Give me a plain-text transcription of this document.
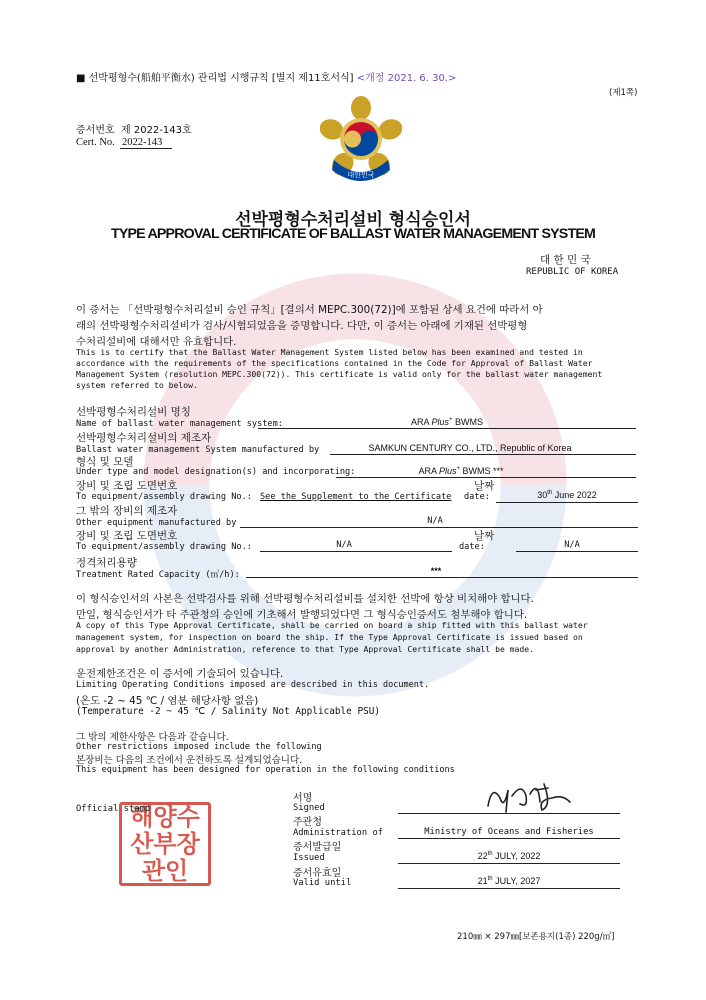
■ 선박평형수(船舶平衡水) 관리법 시행규칙 [별지 제11호서식] <개정 2021. 6. 30.>
(제1쪽)
증서번호 제 2022-143호
Cert. No. 2022-143
대한민국
선박평형수처리설비 형식승인서
TYPE APPROVAL CERTIFICATE OF BALLAST WATER MANAGEMENT SYSTEM
대 한 민 국
REPUBLIC OF KOREA
이 증서는 「선박평형수처리설비 승인 규칙」[결의서 MEPC.300(72)]에 포함된 상세 요건에 따라서 아
래의 선박평형수처리설비가 검사/시험되었음을 증명합니다. 다만, 이 증서는 아래에 기재된 선박평형
수처리설비에 대해서만 유효합니다.
This is to certify that the Ballast Water Management System listed below has been examined and tested in
accordance with the requirements of the specifications contained in the Code for Approval of Ballast Water
Management System (resolution MEPC.300(72)). This certificate is valid only for the ballast water management
system referred to below.
선박평형수처리설비 명칭
Name of ballast water management system:	ARA Plus+ BWMS
선박평형수처리설비의 제조자
Ballast water management System manufactured by	SAMKUN CENTURY CO., LTD., Republic of Korea
형식 및 모델
Under type and model designation(s) and incorporating:	ARA Plus+ BWMS ***
장비 및 조립 도면번호	날짜
To equipment/assembly drawing No.: See the Supplement to the Certificate date:	30th June 2022
그 밖의 장비의 제조자
Other equipment manufactured by	N/A
장비 및 조립 도면번호	날짜
To equipment/assembly drawing No.:	N/A	date:	N/A
정격처리용량
Treatment Rated Capacity (㎥/h):	***
이 형식승인서의 사본은 선박검사를 위해 선박평형수처리설비를 설치한 선박에 항상 비치해야 합니다.
만일, 형식승인서가 타 주관청의 승인에 기초해서 발행되었다면 그 형식승인증서도 첨부해야 합니다.
A copy of this Type Approval Certificate, shall be carried on board a ship fitted with this ballast water
management system, for inspection on board the ship. If the Type Approval Certificate is issued based on
approval by another Administration, reference to that Type Approval Certificate shall be made.
운전제한조건은 이 증서에 기술되어 있습니다.
Limiting Operating Conditions imposed are described in this document.
(온도 -2 ~ 45 ℃ / 염분 해당사항 없음)
(Temperature -2 ~ 45 ℃ / Salinity Not Applicable PSU)
그 밖의 제한사항은 다음과 같습니다.
Other restrictions imposed include the following
본장비는 다음의 조건에서 운전하도록 설계되었습니다.
This equipment has been designed for operation in the following conditions
Official stamp
해양수산부장관인
서명
Signed
주관청
Administration of	Ministry of Oceans and Fisheries
증서발급일
Issued	22th JULY, 2022
증서유효일
Valid until	21th JULY, 2027
210㎜ × 297㎜[보존용지(1종) 220g/㎡]
